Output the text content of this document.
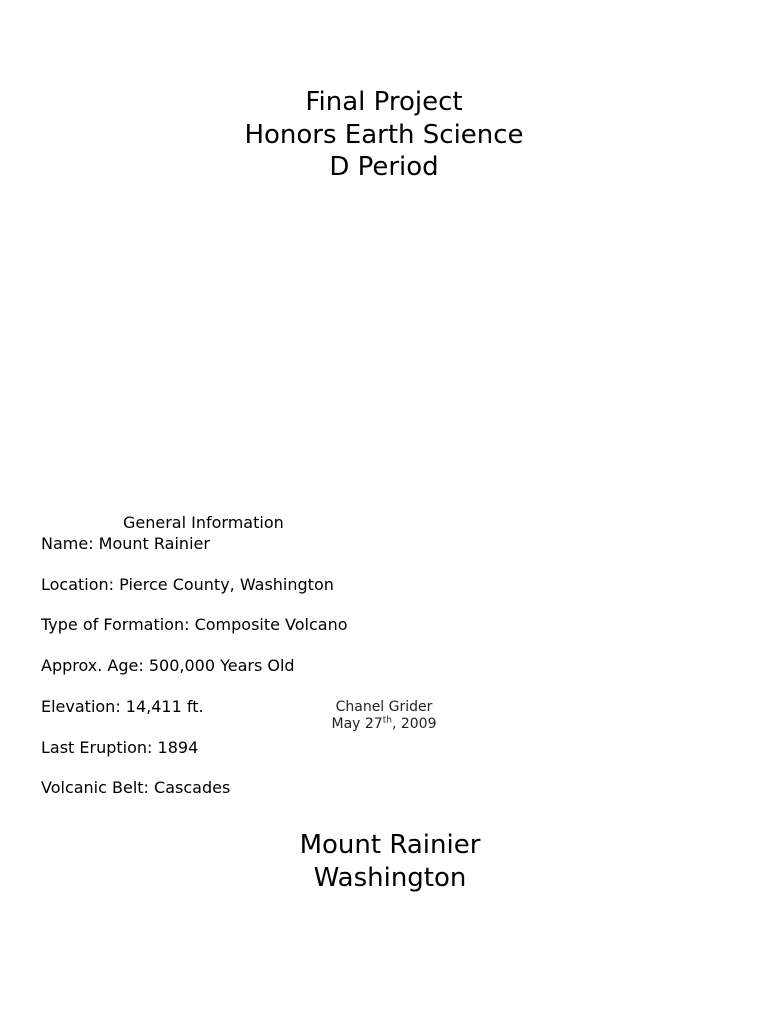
Final Project
Honors Earth Science
D Period
General Information
Name: Mount Rainier
Location: Pierce County, Washington
Type of Formation: Composite Volcano
Approx. Age: 500,000 Years Old
Elevation: 14,411 ft.
Last Eruption: 1894
Volcanic Belt: Cascades
Chanel Grider
May 27th, 2009
Mount Rainier
Washington
